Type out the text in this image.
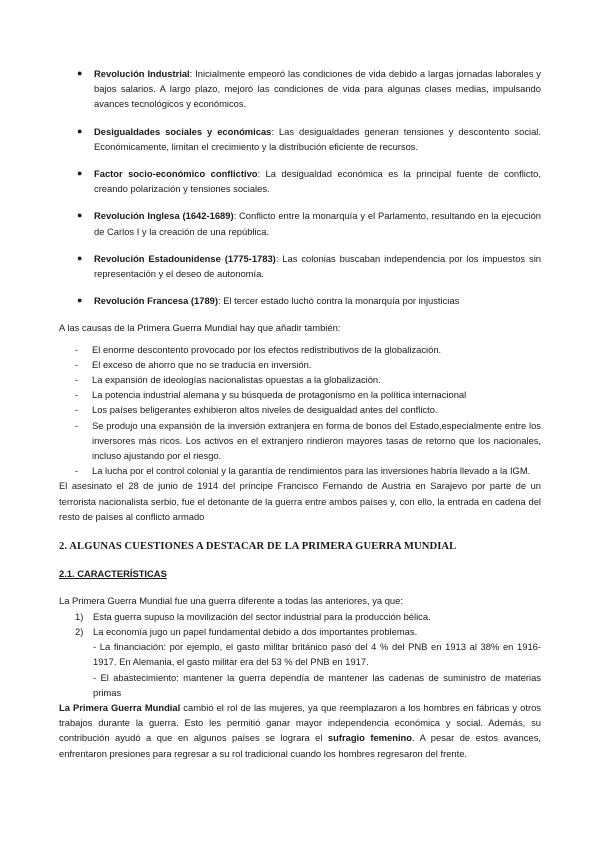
● Revolución Industrial: Inicialmente empeoró las condiciones de vida debido a largas jornadas laborales y bajos salarios. A largo plazo, mejoró las condiciones de vida para algunas clases medias, impulsando avances tecnológicos y económicos.
● Desigualdades sociales y económicas: Las desigualdades generan tensiones y descontento social. Económicamente, limitan el crecimiento y la distribución eficiente de recursos.
● Factor socio-económico conflictivo: La desigualdad económica es la principal fuente de conflicto, creando polarización y tensiones sociales.
● Revolución Inglesa (1642-1689): Conflicto entre la monarquía y el Parlamento, resultando en la ejecución de Carlos I y la creación de una república.
● Revolución Estadounidense (1775-1783): Las colonias buscaban independencia por los impuestos sin representación y el deseo de autonomía.
● Revolución Francesa (1789): El tercer estado luchó contra la monarquía por injusticias
A las causas de la Primera Guerra Mundial hay que añadir también:
- El enorme descontento provocado por los efectos redistributivos de la globalización.
- El exceso de ahorro que no se traducía en inversión.
- La expansión de ideologías nacionalistas opuestas a la globalización.
- La potencia industrial alemana y su búsqueda de protagonismo en la política internacional
- Los países beligerantes exhibieron altos niveles de desigualdad antes del conflicto.
- Se produjo una expansión de la inversión extranjera en forma de bonos del Estado,especialmente entre los inversores más ricos. Los activos en el extranjero rindieron mayores tasas de retorno que los nacionales, incluso ajustando por el riesgo.
- La lucha por el control colonial y la garantía de rendimientos para las inversiones habría llevado a la IGM.
El asesinato el 28 de junio de 1914 del príncipe Francisco Fernando de Austria en Sarajevo por parte de un terrorista nacionalista serbio, fue el detonante de la guerra entre ambos países y, con ello, la entrada en cadena del resto de países al conflicto armado
2. ALGUNAS CUESTIONES A DESTACAR DE LA PRIMERA GUERRA MUNDIAL
2.1. CARACTERÍSTICAS
La Primera Guerra Mundial fue una guerra diferente a todas las anteriores, ya que:
1) Esta guerra supuso la movilización del sector industrial para la producción bélica.
2) La economía jugo un papel fundamental debido a dos importantes problemas.
- La financiación: por ejemplo, el gasto militar británico pasó del 4 % del PNB en 1913 al 38% en 1916-1917. En Alemania, el gasto militar era del 53 % del PNB en 1917.
- El abastecimiento: mantener la guerra dependía de mantener las cadenas de suministro de materias primas
La Primera Guerra Mundial cambió el rol de las mujeres, ya que reemplazaron a los hombres en fábricas y otros trabajos durante la guerra. Esto les permitió ganar mayor independencia económica y social. Además, su contribución ayudó a que en algunos países se lograra el sufragio femenino. A pesar de estos avances, enfrentaron presiones para regresar a su rol tradicional cuando los hombres regresaron del frente.
